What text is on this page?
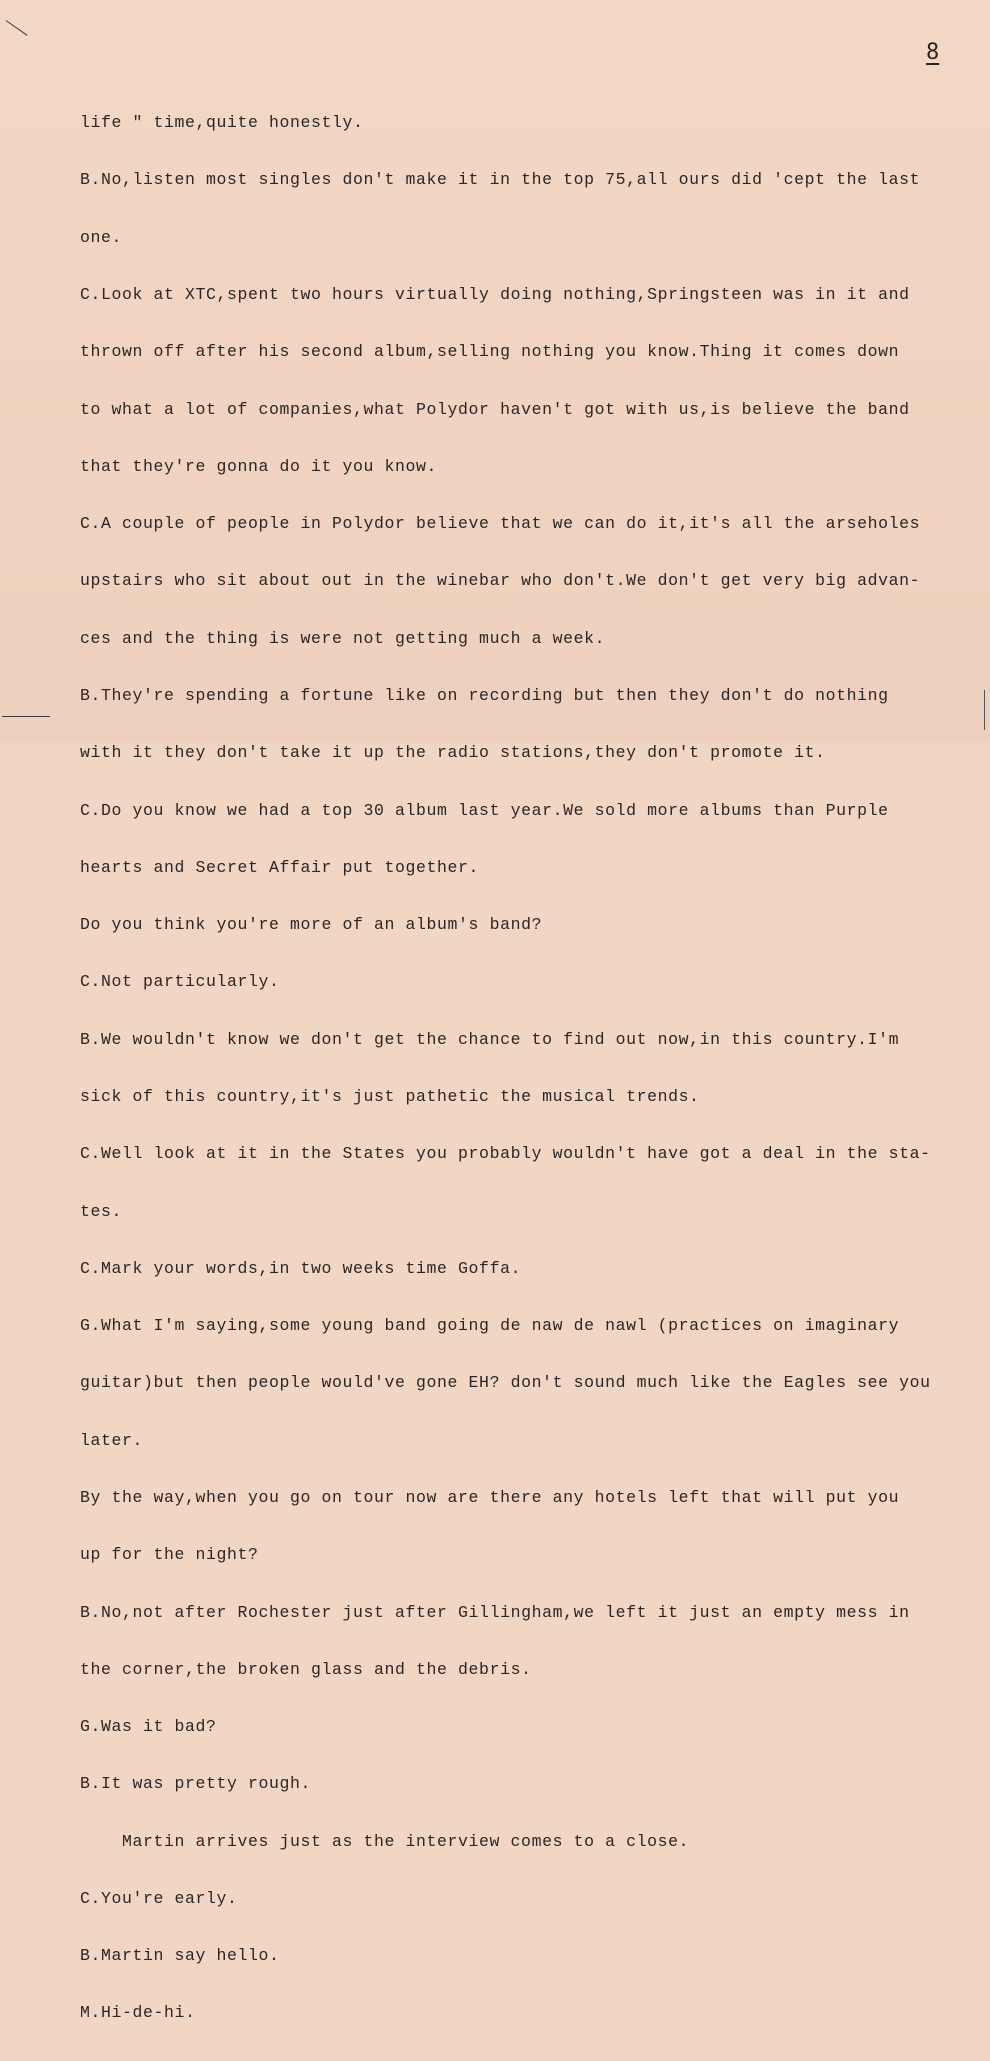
8

life " time,quite honestly.

B.No,listen most singles don't make it in the top 75,all ours did 'cept the last

one.

C.Look at XTC,spent two hours virtually doing nothing,Springsteen was in it and

thrown off after his second album,selling nothing you know.Thing it comes down

to what a lot of companies,what Polydor haven't got with us,is believe the band

that they're gonna do it you know.

C.A couple of people in Polydor believe that we can do it,it's all the arseholes

upstairs who sit about out in the winebar who don't.We don't get very big advan-

ces and the thing is were not getting much a week.

B.They're spending a fortune like on recording but then they don't do nothing

with it they don't take it up the radio stations,they don't promote it.

C.Do you know we had a top 30 album last year.We sold more albums than Purple

hearts and Secret Affair put together.

Do you think you're more of an album's band?

C.Not particularly.

B.We wouldn't know we don't get the chance to find out now,in this country.I'm

sick of this country,it's just pathetic the musical trends.

C.Well look at it in the States you probably wouldn't have got a deal in the sta-

tes.

C.Mark your words,in two weeks time Goffa.

G.What I'm saying,some young band going de naw de nawl (practices on imaginary

guitar)but then people would've gone EH? don't sound much like the Eagles see you

later.

By the way,when you go on tour now are there any hotels left that will put you

up for the night?

B.No,not after Rochester just after Gillingham,we left it just an empty mess in

the corner,the broken glass and the debris.

G.Was it bad?

B.It was pretty rough.

Martin arrives just as the interview comes to a close.

C.You're early.

B.Martin say hello.

M.Hi-de-hi.
